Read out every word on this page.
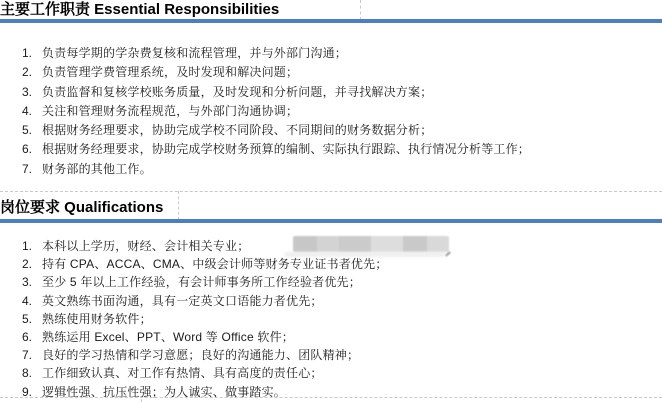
主要工作职责 Essential Responsibilities
1. 负责每学期的学杂费复核和流程管理，并与外部门沟通；
2. 负责管理学费管理系统，及时发现和解决问题；
3. 负责监督和复核学校账务质量，及时发现和分析问题，并寻找解决方案；
4. 关注和管理财务流程规范，与外部门沟通协调；
5. 根据财务经理要求，协助完成学校不同阶段、不同期间的财务数据分析；
6. 根据财务经理要求，协助完成学校财务预算的编制、实际执行跟踪、执行情况分析等工作；
7. 财务部的其他工作。
岗位要求 Qualifications
1. 本科以上学历，财经、会计相关专业；
2. 持有 CPA、ACCA、CMA、中级会计师等财务专业证书者优先；
3. 至少 5 年以上工作经验，有会计师事务所工作经验者优先；
4. 英文熟练书面沟通，具有一定英文口语能力者优先；
5. 熟练使用财务软件；
6. 熟练运用 Excel、PPT、Word 等 Office 软件；
7. 良好的学习热情和学习意愿；良好的沟通能力、团队精神；
8. 工作细致认真、对工作有热情、具有高度的责任心；
9. 逻辑性强、抗压性强；为人诚实、做事踏实。
